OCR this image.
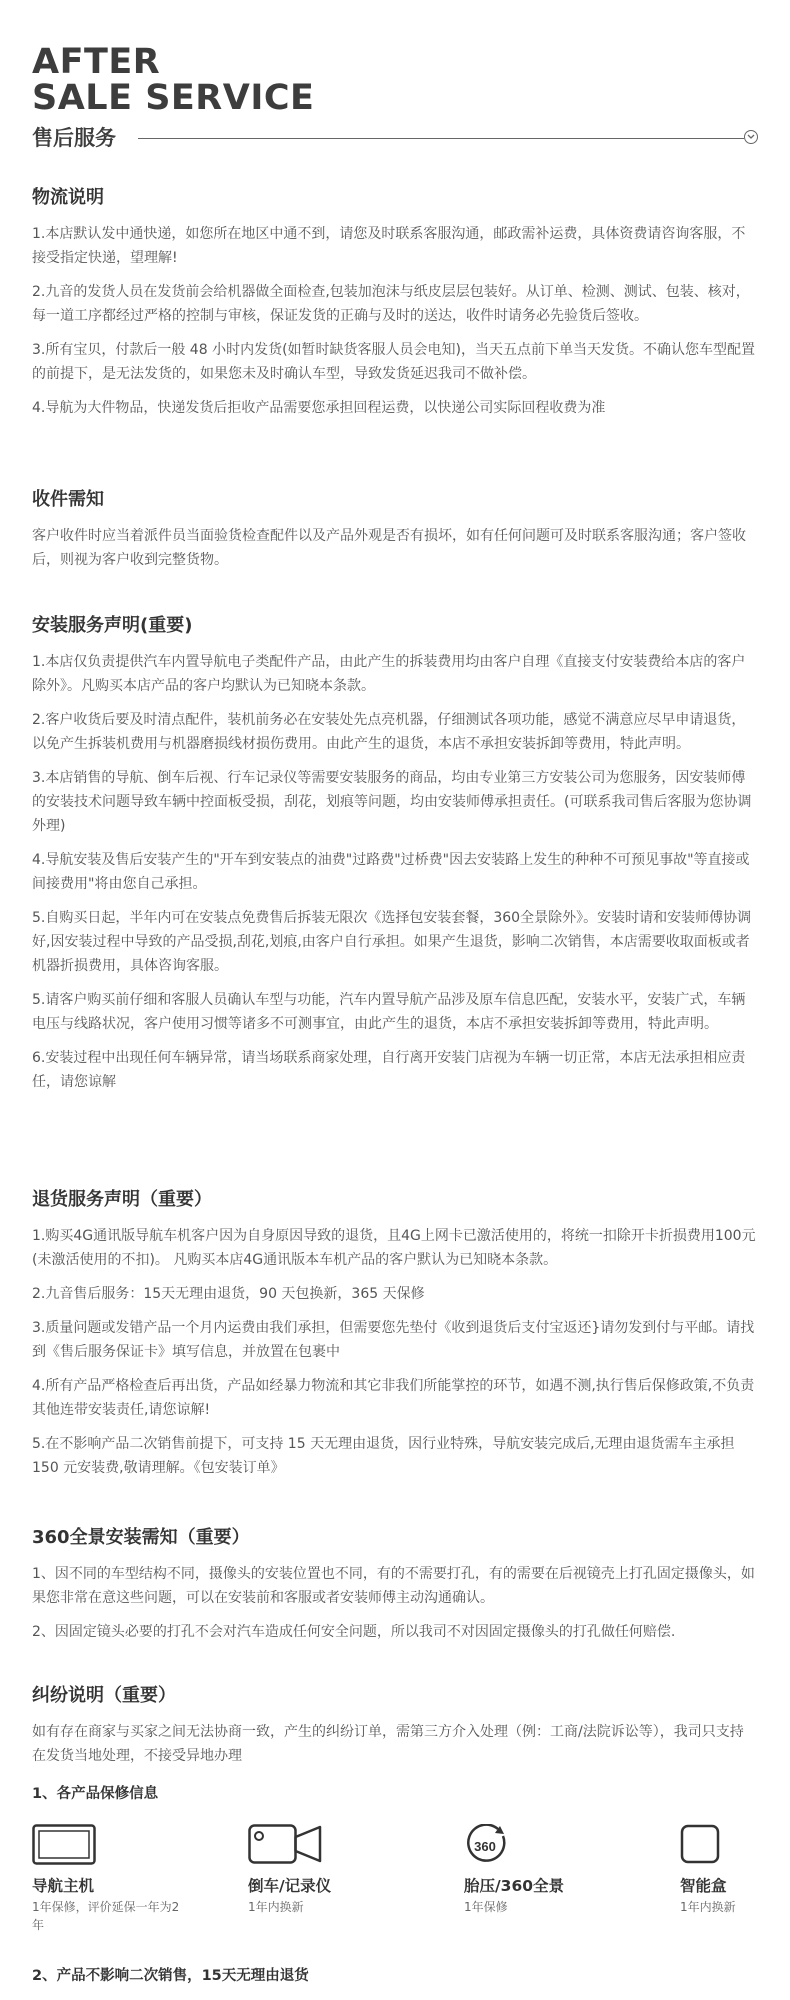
AFTER
SALE SERVICE
售后服务
物流说明

1.本店默认发中通快递，如您所在地区中通不到，请您及时联系客服沟通，邮政需补运费，具体资费请咨询客服，不接受指定快递，望理解!

2.九音的发货人员在发货前会给机器做全面检查,包装加泡沫与纸皮层层包装好。从订单、检测、测试、包装、核对，每一道工序都经过严格的控制与审核，保证发货的正确与及时的送达，收件时请务必先验货后签收。

3.所有宝贝，付款后一般 48 小时内发货(如暂时缺货客服人员会电知)，当天五点前下单当天发货。不确认您车型配置的前提下，是无法发货的，如果您未及时确认车型，导致发货延迟我司不做补偿。

4.导航为大件物品，快递发货后拒收产品需要您承担回程运费，以快递公司实际回程收费为准

收件需知

客户收件时应当着派件员当面验货检查配件以及产品外观是否有损坏，如有任何问题可及时联系客服沟通；客户签收后，则视为客户收到完整货物。

安装服务声明(重要)

1.本店仅负责提供汽车内置导航电子类配件产品，由此产生的拆装费用均由客户自理《直接支付安装费给本店的客户除外》。凡购买本店产品的客户均默认为已知晓本条款。

2.客户收货后要及时清点配件，装机前务必在安装处先点亮机器，仔细测试各项功能，感觉不满意应尽早申请退货，以免产生拆装机费用与机器磨损线材损伤费用。由此产生的退货，本店不承担安装拆卸等费用，特此声明。

3.本店销售的导航、倒车后视、行车记录仪等需要安装服务的商品，均由专业第三方安装公司为您服务，因安装师傅的安装技术问题导致车辆中控面板受损，刮花，划痕等问题，均由安装师傅承担责任。(可联系我司售后客服为您协调外理)

4.导航安装及售后安装产生的"开车到安装点的油费"过路费"过桥费"因去安装路上发生的种种不可预见事故"等直接或间接费用"将由您自己承担。

5.自购买日起，半年内可在安装点免费售后拆装无限次《选择包安装套餐，360全景除外》。安装时请和安装师傅协调好,因安装过程中导致的产品受损,刮花,划痕,由客户自行承担。如果产生退货，影响二次销售，本店需要收取面板或者机器折损费用，具体咨询客服。

5.请客户购买前仔细和客服人员确认车型与功能，汽车内置导航产品涉及原车信息匹配，安装水平，安装广式，车辆电压与线路状况，客户使用习惯等诸多不可测事宜，由此产生的退货，本店不承担安装拆卸等费用，特此声明。

6.安装过程中出现任何车辆异常，请当场联系商家处理，自行离开安装门店视为车辆一切正常，本店无法承担相应责任，请您谅解

退货服务声明（重要）

1.购买4G通讯版导航车机客户因为自身原因导致的退货，且4G上网卡已激活使用的，将统一扣除开卡折损费用100元(未激活使用的不扣)。 凡购买本店4G通讯版本车机产品的客户默认为已知晓本条款。

2.九音售后服务：15天无理由退货，90 天包换新，365 天保修

3.质量问题或发错产品一个月内运费由我们承担，但需要您先垫付《收到退货后支付宝返还}请勿发到付与平邮。请找到《售后服务保证卡》填写信息，并放置在包裹中

4.所有产品严格检查后再出货，产品如经暴力物流和其它非我们所能掌控的环节，如遇不测,执行售后保修政策,不负责其他连带安装责任,请您谅解!

5.在不影响产品二次销售前提下，可支持 15 天无理由退货，因行业特殊，导航安装完成后,无理由退货需车主承担 150 元安装费,敬请理解。《包安装订单》

360全景安装需知（重要）

1、因不同的车型结构不同，摄像头的安装位置也不同，有的不需要打孔，有的需要在后视镜壳上打孔固定摄像头，如果您非常在意这些问题，可以在安装前和客服或者安装师傅主动沟通确认。

2、因固定镜头必要的打孔不会对汽车造成任何安全问题，所以我司不对因固定摄像头的打孔做任何赔偿.

纠纷说明（重要）

如有存在商家与买家之间无法协商一致，产生的纠纷订单，需第三方介入处理（例：工商/法院诉讼等），我司只支持在发货当地处理，不接受异地办理

1、各产品保修信息
导航主机
1年保修，评价延保一年为2年
倒车/记录仪
1年内换新
360
胎压/360全景
1年保修
智能盒
1年内换新
2、产品不影响二次销售，15天无理由退货
